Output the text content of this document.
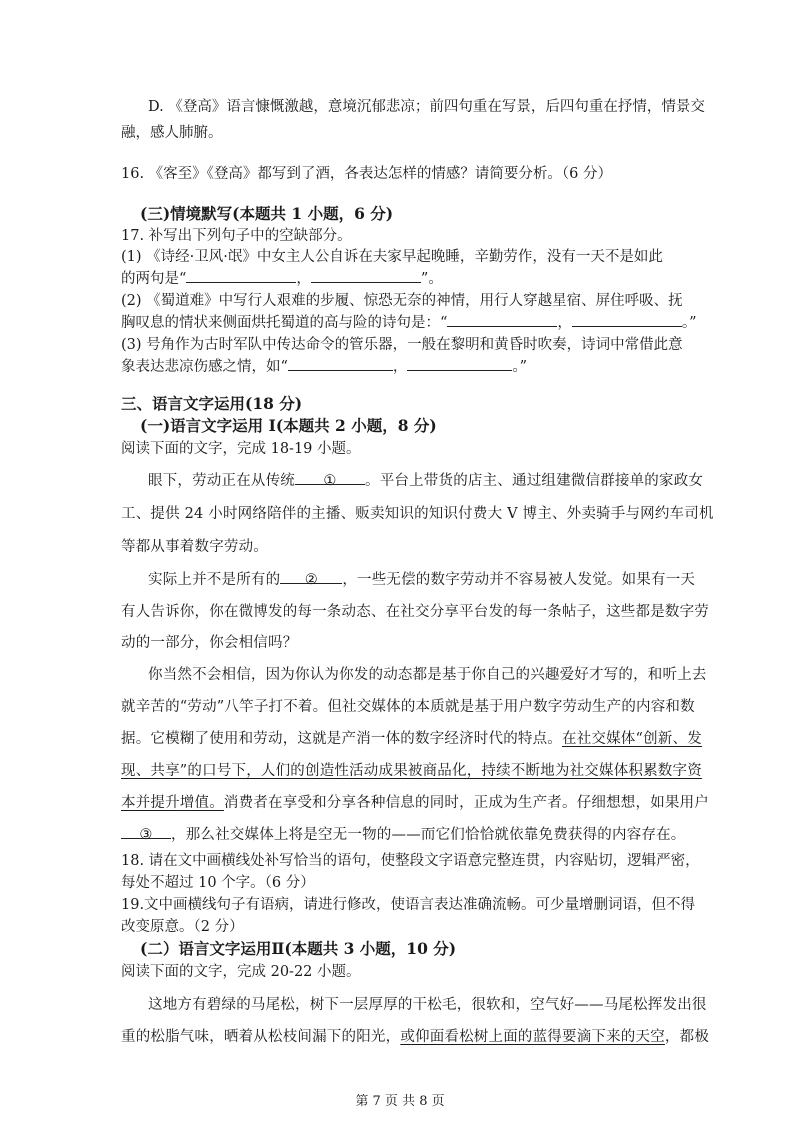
D. 《登高》语言慷慨激越，意境沉郁悲凉；前四句重在写景，后四句重在抒情，情景交
融，感人肺腑。
16. 《客至》《登高》都写到了酒，各表达怎样的情感？请简要分析。（6 分）
(三)情境默写(本题共 1 小题，6 分)
17. 补写出下列句子中的空缺部分。
(1) 《诗经·卫风·氓》中女主人公自诉在夫家早起晚睡，辛勤劳作，没有一天不是如此
的两句是“	，	”。
(2) 《蜀道难》中写行人艰难的步履、惊恐无奈的神情，用行人穿越星宿、屏住呼吸、抚
胸叹息的情状来侧面烘托蜀道的高与险的诗句是：“	，	。”
(3) 号角作为古时军队中传达命令的管乐器，一般在黎明和黄昏时吹奏，诗词中常借此意
象表达悲凉伤感之情，如“	，	。”
三、语言文字运用(18 分)
(一)语言文字运用 I(本题共 2 小题，8 分)
阅读下面的文字，完成 18-19 小题。
眼下，劳动正在从传统 ① 。平台上带货的店主、通过组建微信群接单的家政女
工、提供 24 小时网络陪伴的主播、贩卖知识的知识付费大 V 博主、外卖骑手与网约车司机
等都从事着数字劳动。
实际上并不是所有的 ② ，一些无偿的数字劳动并不容易被人发觉。如果有一天
有人告诉你，你在微博发的每一条动态、在社交分享平台发的每一条帖子，这些都是数字劳
动的一部分，你会相信吗？
你当然不会相信，因为你认为你发的动态都是基于你自己的兴趣爱好才写的，和听上去
就辛苦的“劳动”八竿子打不着。但社交媒体的本质就是基于用户数字劳动生产的内容和数
据。它模糊了使用和劳动，这就是产消一体的数字经济时代的特点。在社交媒体“创新、发
现、共享”的口号下，人们的创造性活动成果被商品化，持续不断地为社交媒体积累数字资
本并提升增值。消费者在享受和分享各种信息的同时，正成为生产者。仔细想想，如果用户
③ ，那么社交媒体上将是空无一物的——而它们恰恰就依靠免费获得的内容存在。
18. 请在文中画横线处补写恰当的语句，使整段文字语意完整连贯，内容贴切，逻辑严密，
每处不超过 10 个字。（6 分）
19.文中画横线句子有语病，请进行修改，使语言表达准确流畅。可少量增删词语，但不得
改变原意。（2 分）
(二）语言文字运用Ⅱ(本题共 3 小题，10 分)
阅读下面的文字，完成 20-22 小题。
这地方有碧绿的马尾松，树下一层厚厚的干松毛，很软和，空气好——马尾松挥发出很
重的松脂气味，晒着从松枝间漏下的阳光，或仰面看松树上面的蓝得要滴下来的天空，都极
第 7 页 共 8 页
